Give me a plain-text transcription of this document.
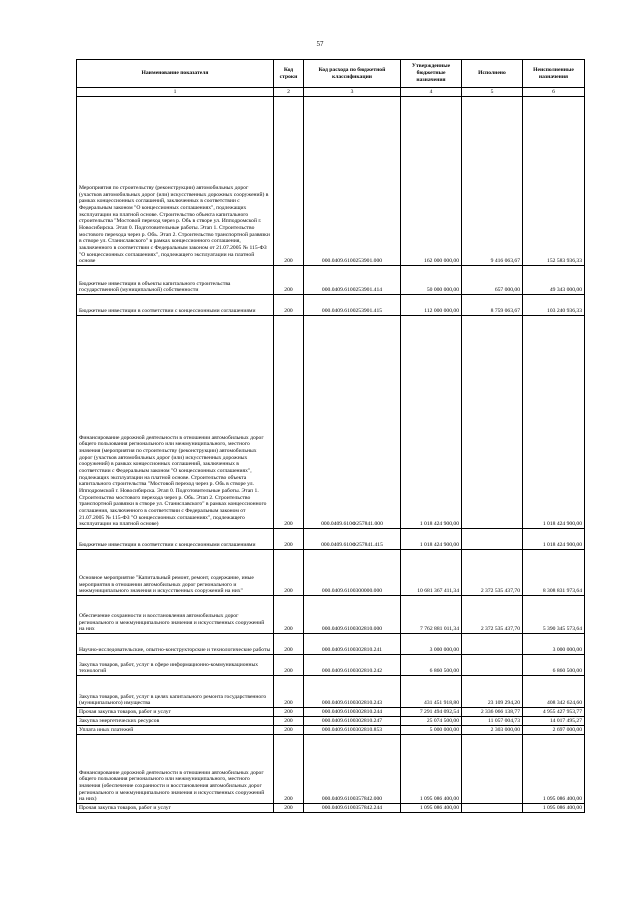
57
Наименование показателя	Код строки	Код расхода по бюджетной классификации	Утвержденные бюджетные назначения	Исполнено	Неисполненные назначения
1	2	3	4	5	6
Мероприятия по строительству (реконструкции) автомобильных дорог (участков автомобильных дорог (или) искусственных дорожных сооружений) в рамках концессионных соглашений, заключенных в соответствии с Федеральным законом "О концессионных соглашениях", подлежащих эксплуатации на платной основе. Строительство объекта капитального строительства "Мостовой переход через р. Обь в створе ул. Ипподромской г. Новосибирска. Этап 0. Подготовительные работы. Этап 1. Строительство мостового перехода через р. Обь. Этап 2. Строительство транспортной развязки в створе ул. Станиславского" в рамках концессионного соглашения, заключенного в соответствии с Федеральным законом от 21.07.2005 № 115-ФЗ "О концессионных соглашениях", подлежащего эксплуатации на платной основе	200	000.0409.6100253901.000	162 000 000,00	9 416 063,67	152 583 936,33
Бюджетные инвестиции в объекты капитального строительства государственной (муниципальной) собственности	200	000.0409.6100253901.414	50 000 000,00	657 000,00	49 343 000,00
Бюджетные инвестиции в соответствии с концессионными соглашениями	200	000.0409.6100253901.415	112 000 000,00	8 759 063,67	103 240 936,33
Финансирование дорожной деятельности в отношении автомобильных дорог общего пользования регионального или межмуниципального, местного значения (мероприятия по строительству (реконструкции) автомобильных дорог (участков автомобильных дорог (или) искусственных дорожных сооружений) в рамках концессионных соглашений, заключенных в соответствии с Федеральным законом "О концессионных соглашениях", подлежащих эксплуатации на платной основе. Строительство объекта капитального строительства "Мостовой переход через р. Обь в створе ул. Ипподромской г. Новосибирска. Этап 0. Подготовительные работы. Этап 1. Строительство мостового перехода через р. Обь. Этап 2. Строительство транспортной развязки в створе ул. Станиславского" в рамках концессионного соглашения, заключенного в соответствии с Федеральным законом от 21.07.2005 № 115-ФЗ "О концессионных соглашениях", подлежащего эксплуатации на платной основе)	200	000.0409.610Ф257841.000	1 018 424 900,00		1 018 424 900,00
Бюджетные инвестиции в соответствии с концессионными соглашениями	200	000.0409.610Ф257841.415	1 018 424 900,00		1 018 424 900,00
Основное мероприятие "Капитальный ремонт, ремонт, содержание, иные мероприятия в отношении автомобильных дорог регионального и межмуниципального значения и искусственных сооружений на них"	200	000.0409.6100300000.000	10 681 367 411,34	2 372 535 437,70	8 308 831 973,64
Обеспечение сохранности и восстановления автомобильных дорог регионального и межмуниципального значения и искусственных сооружений на них	200	000.0409.6100302810.000	7 762 881 011,34	2 372 535 437,70	5 390 345 573,64
Научно-исследовательские, опытно-конструкторские и технологические работы	200	000.0409.6100302810.241	3 000 000,00		3 000 000,00
Закупка товаров, работ, услуг в сфере информационно-коммуникационных технологий	200	000.0409.6100302810.242	6 860 500,00		6 860 500,00
Закупка товаров, работ, услуг в целях капитального ремонта государственного (муниципального) имущества	200	000.0409.6100302810.243	431 451 918,80	23 109 294,20	408 342 624,60
Прочая закупка товаров, работ и услуг	200	000.0409.6100302810.244	7 291 494 092,54	2 336 066 138,77	4 955 427 953,77
Закупка энергетических ресурсов	200	000.0409.6100302810.247	25 074 500,00	11 057 004,73	14 017 495,27
Уплата иных платежей	200	000.0409.6100302810.853	5 000 000,00	2 303 000,00	2 697 000,00
Финансирование дорожной деятельности в отношении автомобильных дорог общего пользования регионального или межмуниципального, местного значения (обеспечение сохранности и восстановления автомобильных дорог регионального и межмуниципального значения и искусственных сооружений на них)	200	000.0409.6100357842.000	1 095 086 400,00		1 095 086 400,00
Прочая закупка товаров, работ и услуг	200	000.0409.6100357842.244	1 095 086 400,00		1 095 086 400,00
